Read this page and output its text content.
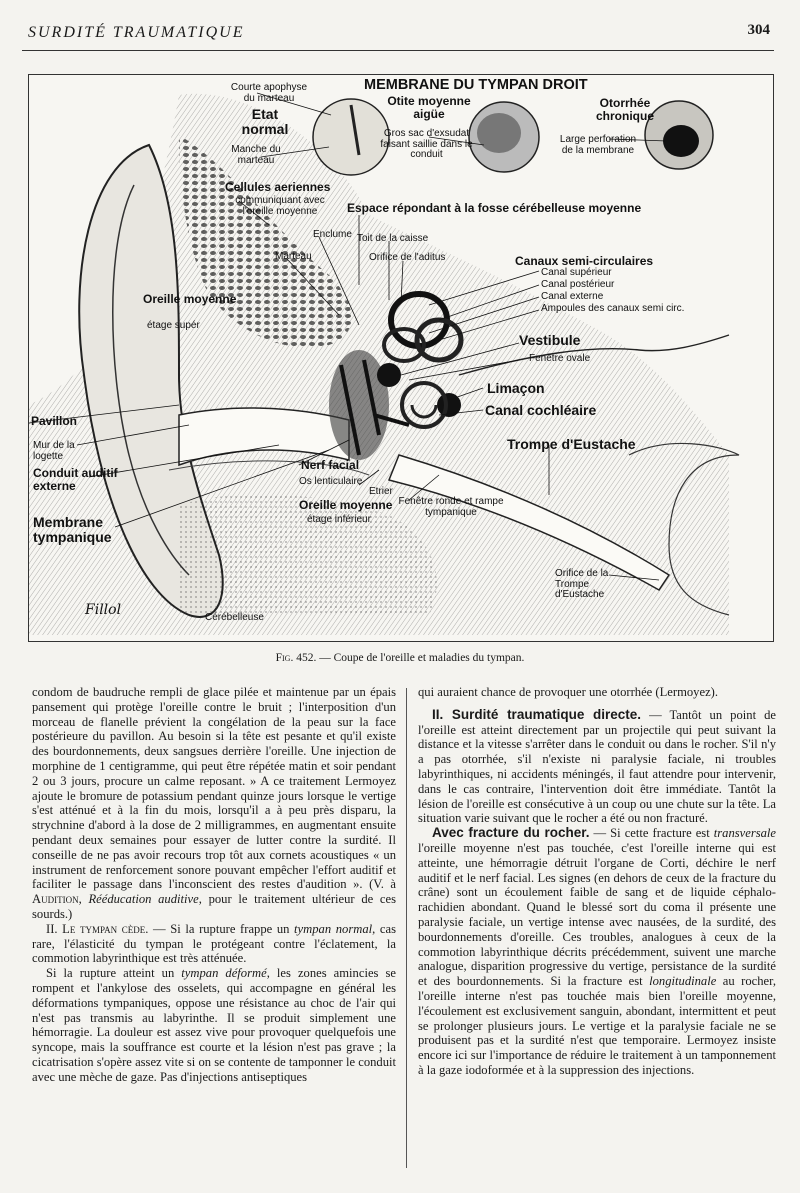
SURDITÉ TRAUMATIQUE	304
MEMBRANE DU TYMPAN DROIT
Courte apophyse du marteau
Etat normal
Manche du marteau
Otite moyenne aigüe
Gros sac d'exsudat faisant saillie dans le conduit
Otorrhée chronique
Large perforation de la membrane
Cellules aeriennes
communiquant avec l'oreille moyenne	Espace répondant à la fosse cérébelleuse moyenne
Enclume Toit de la caisse
Marteau	Orifice de l'aditus	Canaux semi-circulaires
Canal supérieur
Canal postérieur
Canal externe
Ampoules des canaux semi circ.
Oreille moyenne
étage supér
Vestibule
Fenêtre ovale
Limaçon
Canal cochléaire
Pavillon
Mur de la logette
Trompe d'Eustache
Conduit auditif externe
Nerf facial
Os lenticulaire
Etrier
Oreille moyenne
étage inférieur
Fenêtre ronde et rampe tympanique
Membrane tympanique
Orifice de la Trompe d'Eustache
Cérébelleuse
Fillol
Fig. 452. — Coupe de l'oreille et maladies du tympan.

condom de baudruche rempli de glace pilée et maintenue par un épais pansement qui protège l'oreille contre le bruit ; l'interposition d'un morceau de flanelle prévient la congélation de la peau sur la face postérieure du pavillon. Au besoin si la tête est pesante et qu'il existe des bourdonnements, deux sangsues derrière l'oreille. Une injection de morphine de 1 centigramme, qui peut être répétée matin et soir pendant 2 ou 3 jours, procure un calme reposant. » A ce traitement Lermoyez ajoute le bromure de potassium pendant quinze jours lorsque le vertige s'est atténué et à la fin du mois, lorsqu'il a à peu près disparu, la strychnine d'abord à la dose de 2 milligrammes, en augmentant ensuite pendant deux semaines pour essayer de lutter contre la surdité. Il conseille de ne pas avoir recours trop tôt aux cornets acoustiques « un instrument de renforcement sonore pouvant empêcher l'effort auditif et faciliter le passage dans l'inconscient des restes d'audition ». (V. à Audition, Rééducation auditive, pour le traitement ultérieur de ces sourds.)

II. Le tympan cède. — Si la rupture frappe un tympan normal, cas rare, l'élasticité du tympan le protégeant contre l'éclatement, la commotion labyrinthique est très atténuée.

Si la rupture atteint un tympan déformé, les zones amincies se rompent et l'ankylose des osselets, qui accompagne en général les déformations tympaniques, oppose une résistance au choc de l'air qui n'est pas transmis au labyrinthe. Il se produit simplement une hémorragie. La douleur est assez vive pour provoquer quelquefois une syncope, mais la souffrance est courte et la lésion n'est pas grave ; la cicatrisation s'opère assez vite si on se contente de tamponner le conduit avec une mèche de gaze. Pas d'injections antiseptiques

qui auraient chance de provoquer une otorrhée (Lermoyez).

II. Surdité traumatique directe. — Tantôt un point de l'oreille est atteint directement par un projectile qui peut suivant la distance et la vitesse s'arrêter dans le conduit ou dans le rocher. S'il n'y a pas otorrhée, s'il n'existe ni paralysie faciale, ni troubles labyrinthiques, ni accidents méningés, il faut attendre pour intervenir, dans le cas contraire, l'intervention doit être immédiate. Tantôt la lésion de l'oreille est consécutive à un coup ou une chute sur la tête. La situation varie suivant que le rocher a été ou non fracturé.

Avec fracture du rocher. — Si cette fracture est transversale l'oreille moyenne n'est pas touchée, c'est l'oreille interne qui est atteinte, une hémorragie détruit l'organe de Corti, déchire le nerf auditif et le nerf facial. Les signes (en dehors de ceux de la fracture du crâne) sont un écoulement faible de sang et de liquide céphalo-rachidien abondant. Quand le blessé sort du coma il présente une paralysie faciale, un vertige intense avec nausées, de la surdité, des bourdonnements d'oreille. Ces troubles, analogues à ceux de la commotion labyrinthique décrits précédemment, suivent une marche analogue, disparition progressive du vertige, persistance de la surdité et des bourdonnements. Si la fracture est longitudinale au rocher, l'oreille interne n'est pas touchée mais bien l'oreille moyenne, l'écoulement est exclusivement sanguin, abondant, intermittent et peut se prolonger plusieurs jours. Le vertige et la paralysie faciale ne se produisent pas et la surdité n'est que temporaire. Lermoyez insiste encore ici sur l'importance de réduire le traitement à un tamponnement à la gaze iodoformée et à la suppression des injections.
